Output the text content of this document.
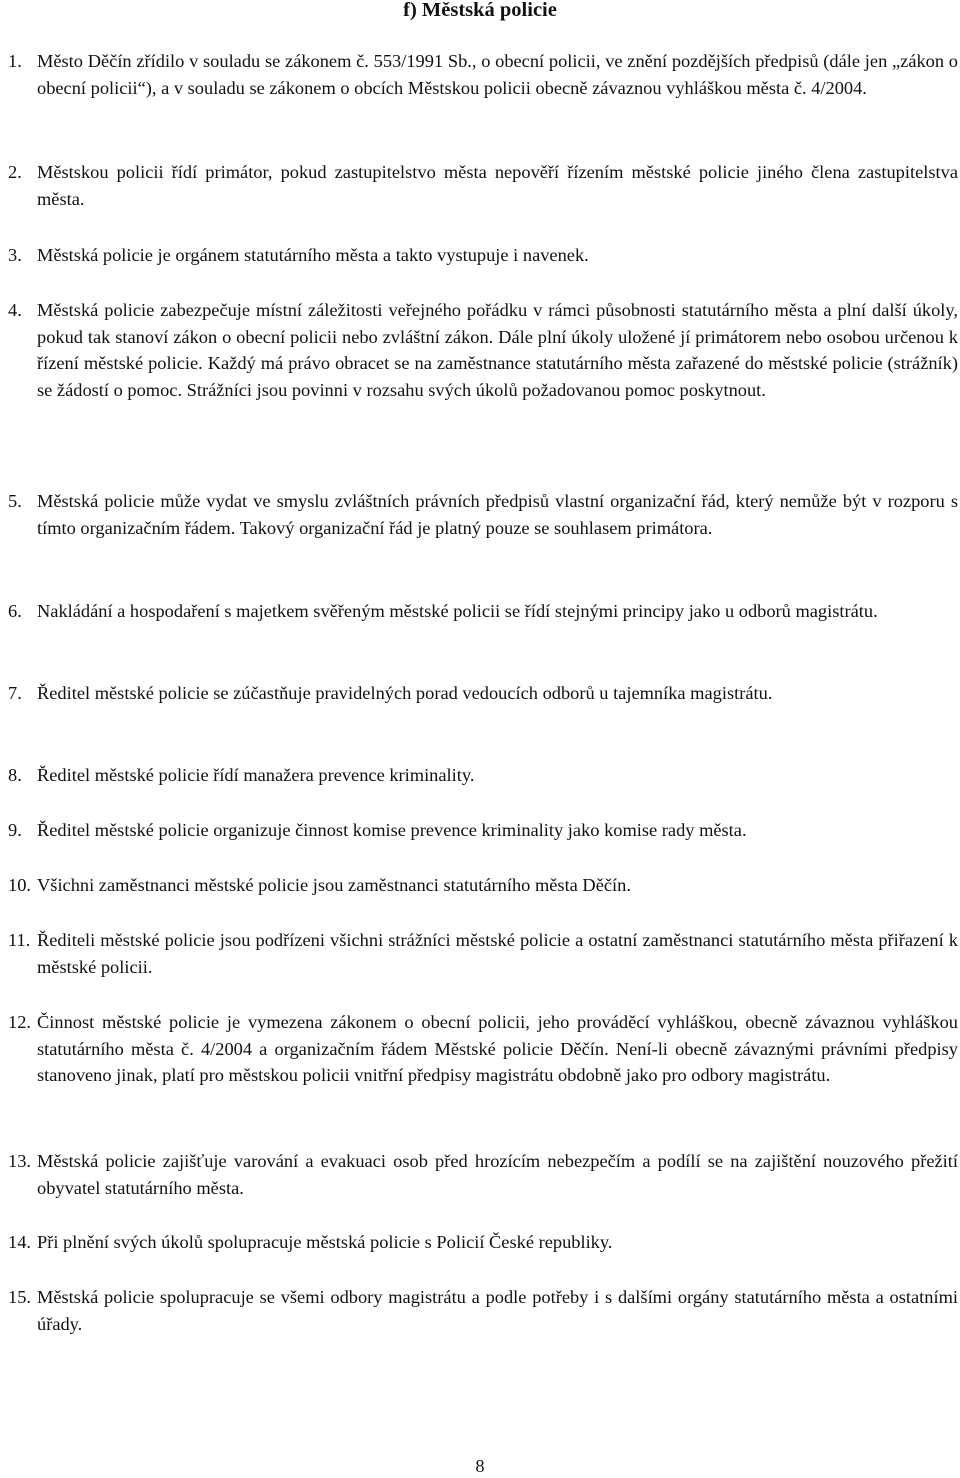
f) Městská policie
1. Město Děčín zřídilo v souladu se zákonem č. 553/1991 Sb., o obecní policii, ve znění pozdějších předpisů (dále jen „zákon o obecní policii“), a v souladu se zákonem o obcích Městskou policii obecně závaznou vyhláškou města č. 4/2004.
2. Městskou policii řídí primátor, pokud zastupitelstvo města nepověří řízením městské policie jiného člena zastupitelstva města.
3. Městská policie je orgánem statutárního města a takto vystupuje i navenek.
4. Městská policie zabezpečuje místní záležitosti veřejného pořádku v rámci působnosti statutárního města a plní další úkoly, pokud tak stanoví zákon o obecní policii nebo zvláštní zákon. Dále plní úkoly uložené jí primátorem nebo osobou určenou k řízení městské policie. Každý má právo obracet se na zaměstnance statutárního města zařazené do městské policie (strážník) se žádostí o pomoc. Strážníci jsou povinni v rozsahu svých úkolů požadovanou pomoc poskytnout.
5. Městská policie může vydat ve smyslu zvláštních právních předpisů vlastní organizační řád, který nemůže být v rozporu s tímto organizačním řádem. Takový organizační řád je platný pouze se souhlasem primátora.
6. Nakládání a hospodaření s majetkem svěřeným městské policii se řídí stejnými principy jako u odborů magistrátu.
7. Ředitel městské policie se zúčastňuje pravidelných porad vedoucích odborů u tajemníka magistrátu.
8. Ředitel městské policie řídí manažera prevence kriminality.
9. Ředitel městské policie organizuje činnost komise prevence kriminality jako komise rady města.
10. Všichni zaměstnanci městské policie jsou zaměstnanci statutárního města Děčín.
11. Řediteli městské policie jsou podřízeni všichni strážníci městské policie a ostatní zaměstnanci statutárního města přiřazení k městské policii.
12. Činnost městské policie je vymezena zákonem o obecní policii, jeho prováděcí vyhláškou, obecně závaznou vyhláškou statutárního města č. 4/2004 a organizačním řádem Městské policie Děčín. Není-li obecně závaznými právními předpisy stanoveno jinak, platí pro městskou policii vnitřní předpisy magistrátu obdobně jako pro odbory magistrátu.
13. Městská policie zajišťuje varování a evakuaci osob před hrozícím nebezpečím a podílí se na zajištění nouzového přežití obyvatel statutárního města.
14. Při plnění svých úkolů spolupracuje městská policie s Policií České republiky.
15. Městská policie spolupracuje se všemi odbory magistrátu a podle potřeby i s dalšími orgány statutárního města a ostatními úřady.
8
